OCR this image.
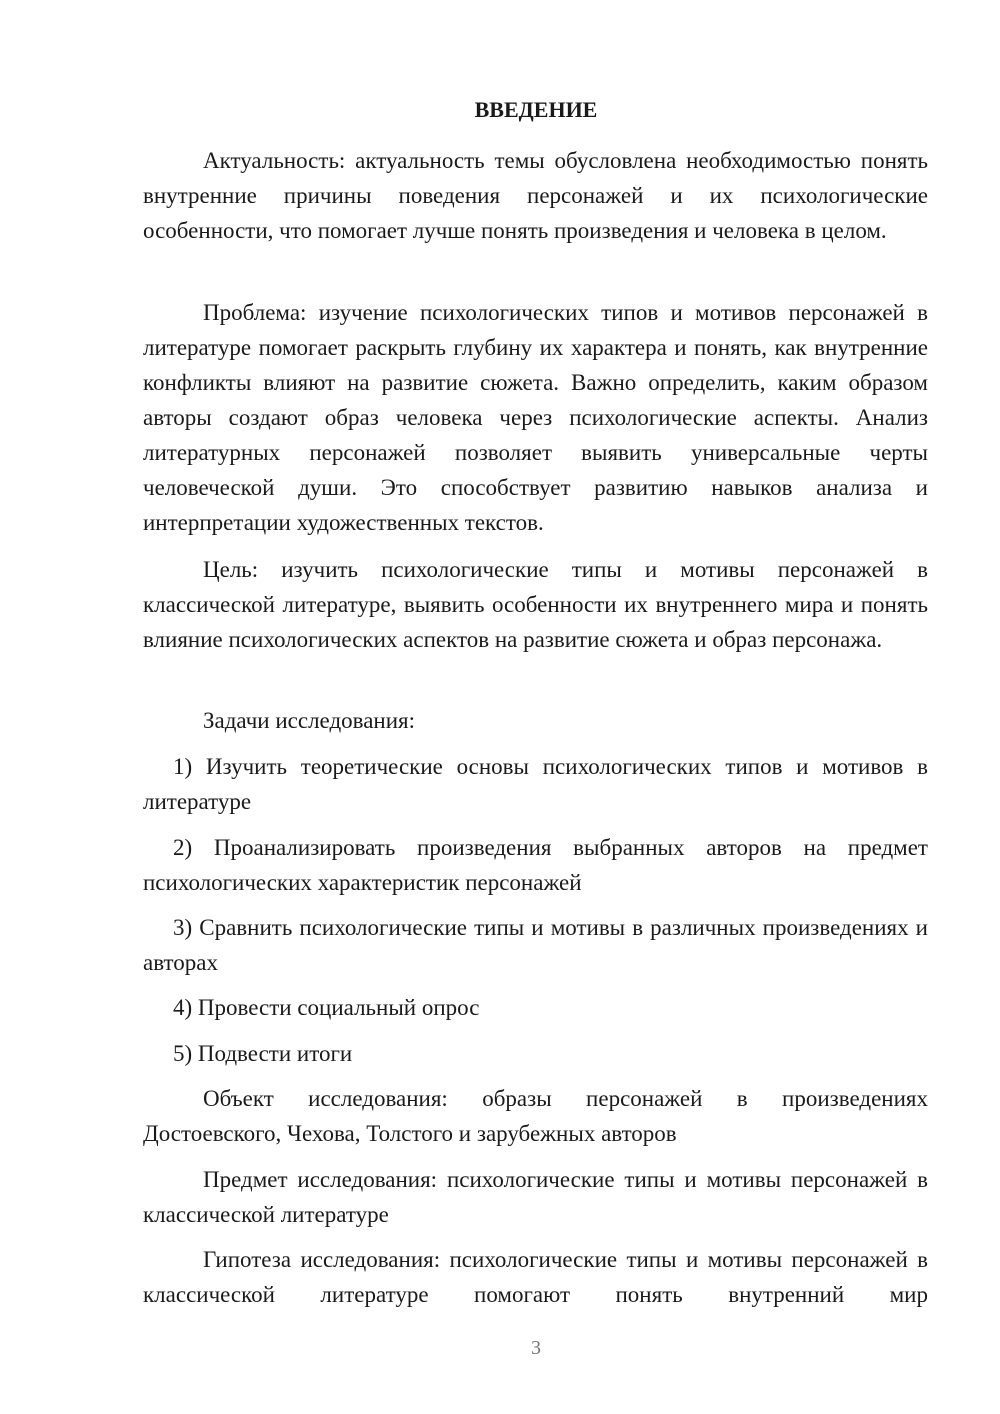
ВВЕДЕНИЕ

Актуальность: актуальность темы обусловлена необходимостью понять внутренние причины поведения персонажей и их психологические особенности, что помогает лучше понять произведения и человека в целом.

Проблема: изучение психологических типов и мотивов персонажей в литературе помогает раскрыть глубину их характера и понять, как внутренние конфликты влияют на развитие сюжета. Важно определить, каким образом авторы создают образ человека через психологические аспекты. Анализ литературных персонажей позволяет выявить универсальные черты человеческой души. Это способствует развитию навыков анализа и интерпретации художественных текстов.

Цель: изучить психологические типы и мотивы персонажей в классической литературе, выявить особенности их внутреннего мира и понять влияние психологических аспектов на развитие сюжета и образ персонажа.

Задачи исследования:

1) Изучить теоретические основы психологических типов и мотивов в литературе

2) Проанализировать произведения выбранных авторов на предмет психологических характеристик персонажей

3) Сравнить психологические типы и мотивы в различных произведениях и авторах

4) Провести социальный опрос

5) Подвести итоги

Объект исследования: образы персонажей в произведениях Достоевского, Чехова, Толстого и зарубежных авторов

Предмет исследования: психологические типы и мотивы персонажей в классической литературе

Гипотеза исследования: психологические типы и мотивы персонажей в классической литературе помогают понять внутренний мир

3
